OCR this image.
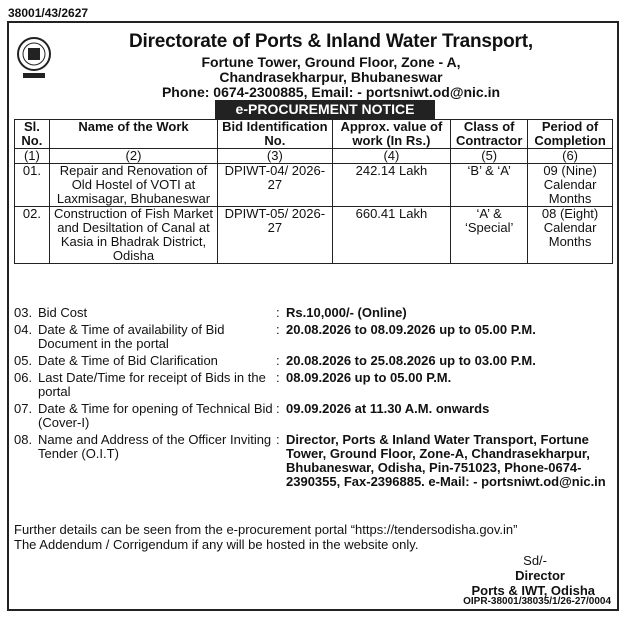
38001/43/2627
Directorate of Ports & Inland Water Transport,
Fortune Tower, Ground Floor, Zone - A,
Chandrasekharpur, Bhubaneswar
Phone: 0674-2300885, Email: - portsniwt.od@nic.in
e-PROCUREMENT NOTICE
Sl. No.	Name of the Work	Bid Identification No.	Approx. value of work (In Rs.)	Class of Contractor	Period of Completion
(1)	(2)	(3)	(4)	(5)	(6)
01.	Repair and Renovation of Old Hostel of VOTI at Laxmisagar, Bhubaneswar	DPIWT-04/ 2026-27	242.14 Lakh	‘B’ & ‘A’	09 (Nine) Calendar Months
02.	Construction of Fish Market and Desiltation of Canal at Kasia in Bhadrak District, Odisha	DPIWT-05/ 2026-27	660.41 Lakh	‘A’ & ‘Special’	08 (Eight) Calendar Months
03. Bid Cost	: Rs.10,000/- (Online)
04. Date & Time of availability of Bid Document in the portal
: 20.08.2026 to 08.09.2026 up to 05.00 P.M.
05. Date & Time of Bid Clarification	: 20.08.2026 to 25.08.2026 up to 03.00 P.M.
06. Last Date/Time for receipt of Bids in the portal
: 08.09.2026 up to 05.00 P.M.
07. Date & Time for opening of Technical Bid (Cover-I)
: 09.09.2026 at 11.30 A.M. onwards
08. Name and Address of the Officer Inviting Tender (O.I.T)
: Director, Ports & Inland Water Transport, Fortune Tower, Ground Floor, Zone-A, Chandrasekharpur, Bhubaneswar, Odisha, Pin-751023, Phone-0674-2390355, Fax-2396885. e-Mail: - portsniwt.od@nic.in
Further details can be seen from the e-procurement portal “https://tendersodisha.gov.in”
The Addendum / Corrigendum if any will be hosted in the website only.
Sd/-
Director
Ports & IWT, Odisha
OIPR-38001/38035/1/26-27/0004
